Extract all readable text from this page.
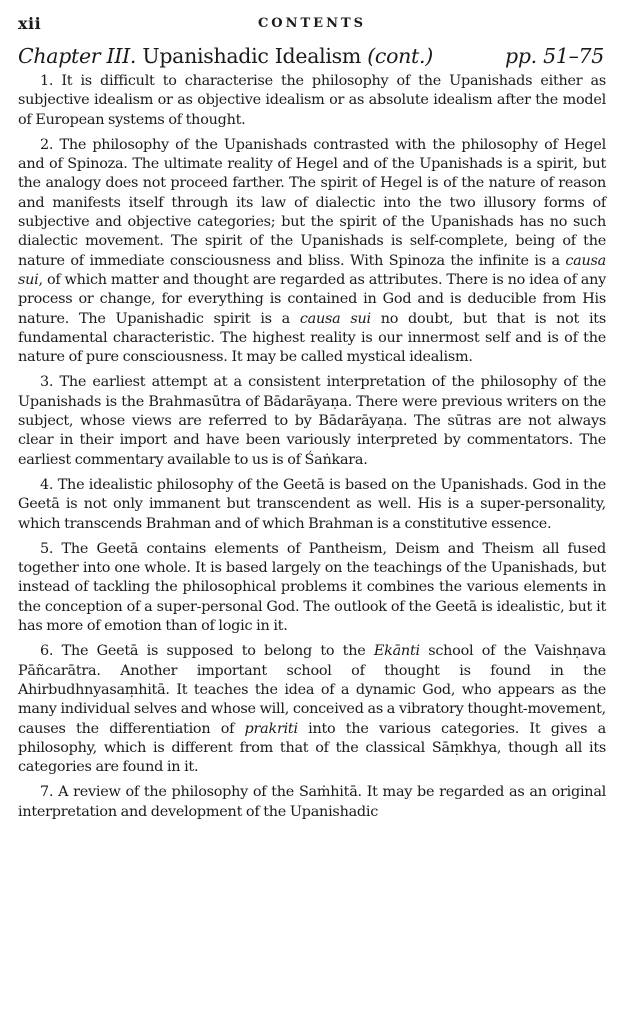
xii	CONTENTS
Chapter III. Upanishadic Idealism (cont.)	pp. 51–75

1. It is difficult to characterise the philosophy of the Upanishads either as subjective idealism or as objective idealism or as absolute idealism after the model of European systems of thought.

2. The philosophy of the Upanishads contrasted with the philosophy of Hegel and of Spinoza. The ultimate reality of Hegel and of the Upanishads is a spirit, but the analogy does not proceed farther. The spirit of Hegel is of the nature of reason and manifests itself through its law of dialectic into the two illusory forms of subjective and objective categories; but the spirit of the Upanishads has no such dialectic movement. The spirit of the Upanishads is self-complete, being of the nature of immediate consciousness and bliss. With Spinoza the infinite is a causa sui, of which matter and thought are regarded as attributes. There is no idea of any process or change, for everything is contained in God and is deducible from His nature. The Upanishadic spirit is a causa sui no doubt, but that is not its fundamental characteristic. The highest reality is our innermost self and is of the nature of pure consciousness. It may be called mystical idealism.

3. The earliest attempt at a consistent interpretation of the philosophy of the Upanishads is the Brahmasūtra of Bādarāyaṇa. There were previous writers on the subject, whose views are referred to by Bādarāyaṇa. The sūtras are not always clear in their import and have been variously interpreted by commentators. The earliest commentary available to us is of Śaṅkara.

4. The idealistic philosophy of the Geetā is based on the Upanishads. God in the Geetā is not only immanent but transcendent as well. His is a super-personality, which transcends Brahman and of which Brahman is a constitutive essence.

5. The Geetā contains elements of Pantheism, Deism and Theism all fused together into one whole. It is based largely on the teachings of the Upanishads, but instead of tackling the philosophical problems it combines the various elements in the conception of a super-personal God. The outlook of the Geetā is idealistic, but it has more of emotion than of logic in it.

6. The Geetā is supposed to belong to the Ekānti school of the Vaishṇava Pāñcarātra. Another important school of thought is found in the Ahirbudhnyasaṃhitā. It teaches the idea of a dynamic God, who appears as the many individual selves and whose will, conceived as a vibratory thought-movement, causes the differentiation of prakriti into the various categories. It gives a philosophy, which is different from that of the classical Sāṃkhya, though all its categories are found in it.

7. A review of the philosophy of the Saṁhitā. It may be regarded as an original interpretation and development of the Upanishadic
